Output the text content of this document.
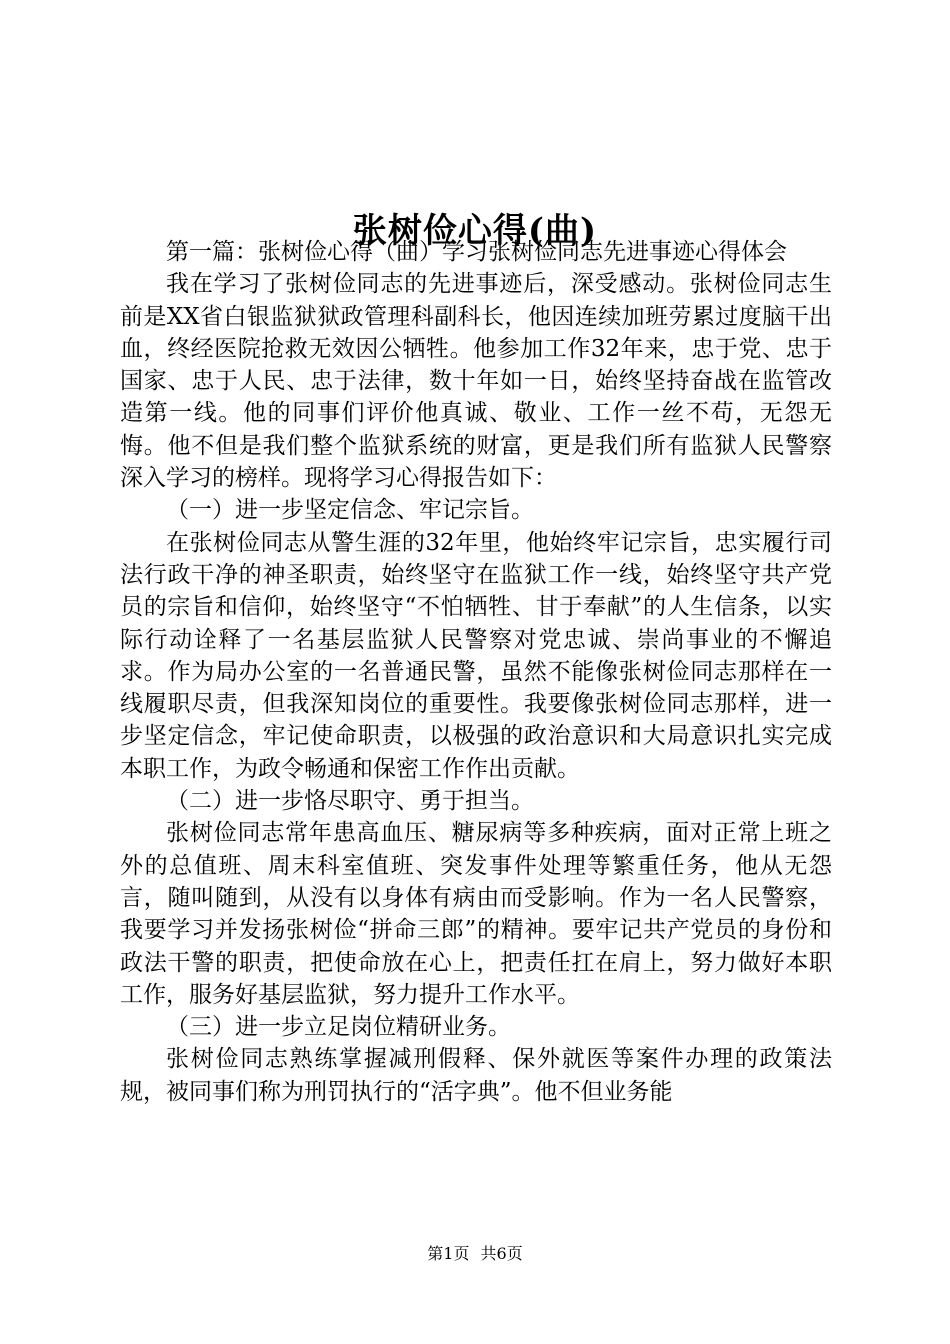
张树俭心得(曲)

第一篇：张树俭心得（曲）学习张树俭同志先进事迹心得体会

我在学习了张树俭同志的先进事迹后，深受感动。张树俭同志生前是XX省白银监狱狱政管理科副科长，他因连续加班劳累过度脑干出血，终经医院抢救无效因公牺牲。他参加工作32年来，忠于党、忠于国家、忠于人民、忠于法律，数十年如一日，始终坚持奋战在监管改造第一线。他的同事们评价他真诚、敬业、工作一丝不苟，无怨无悔。他不但是我们整个监狱系统的财富，更是我们所有监狱人民警察深入学习的榜样。现将学习心得报告如下：

（一）进一步坚定信念、牢记宗旨。

在张树俭同志从警生涯的32年里，他始终牢记宗旨，忠实履行司法行政干净的神圣职责，始终坚守在监狱工作一线，始终坚守共产党员的宗旨和信仰，始终坚守“不怕牺牲、甘于奉献”的人生信条，以实际行动诠释了一名基层监狱人民警察对党忠诚、崇尚事业的不懈追求。作为局办公室的一名普通民警，虽然不能像张树俭同志那样在一线履职尽责，但我深知岗位的重要性。我要像张树俭同志那样，进一步坚定信念，牢记使命职责，以极强的政治意识和大局意识扎实完成本职工作，为政令畅通和保密工作作出贡献。

（二）进一步恪尽职守、勇于担当。

张树俭同志常年患高血压、糖尿病等多种疾病，面对正常上班之外的总值班、周末科室值班、突发事件处理等繁重任务，他从无怨言，随叫随到，从没有以身体有病由而受影响。作为一名人民警察，我要学习并发扬张树俭“拼命三郎”的精神。要牢记共产党员的身份和政法干警的职责，把使命放在心上，把责任扛在肩上，努力做好本职工作，服务好基层监狱，努力提升工作水平。

（三）进一步立足岗位精研业务。

张树俭同志熟练掌握减刑假释、保外就医等案件办理的政策法规，被同事们称为刑罚执行的“活字典”。他不但业务能

第1页 共6页
